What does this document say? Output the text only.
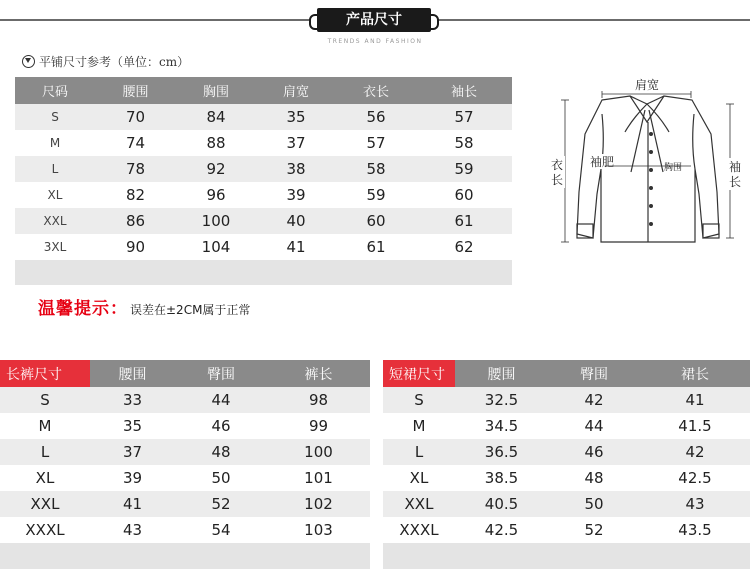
产品尺寸
TRENDS AND FASHION
平铺尺寸参考（单位：cm）
尺码	腰围	胸围	肩宽	衣长	袖长
S	70	84	35	56	57
M	74	88	37	57	58
L	78	92	38	58	59
XL	82	96	39	59	60
XXL	86	100	40	60	61
3XL	90	104	41	61	62
温馨提示： 误差在±2CM属于正常
肩宽
衣
长
袖肥	胸围	袖
长
长裤尺寸	腰围	臀围	裤长
S	33	44	98
M	35	46	99
L	37	48	100
XL	39	50	101
XXL	41	52	102
XXXL	43	54	103
短裙尺寸	腰围	臀围	裙长
S	32.5	42	41
M	34.5	44	41.5
L	36.5	46	42
XL	38.5	48	42.5
XXL	40.5	50	43
XXXL	42.5	52	43.5
